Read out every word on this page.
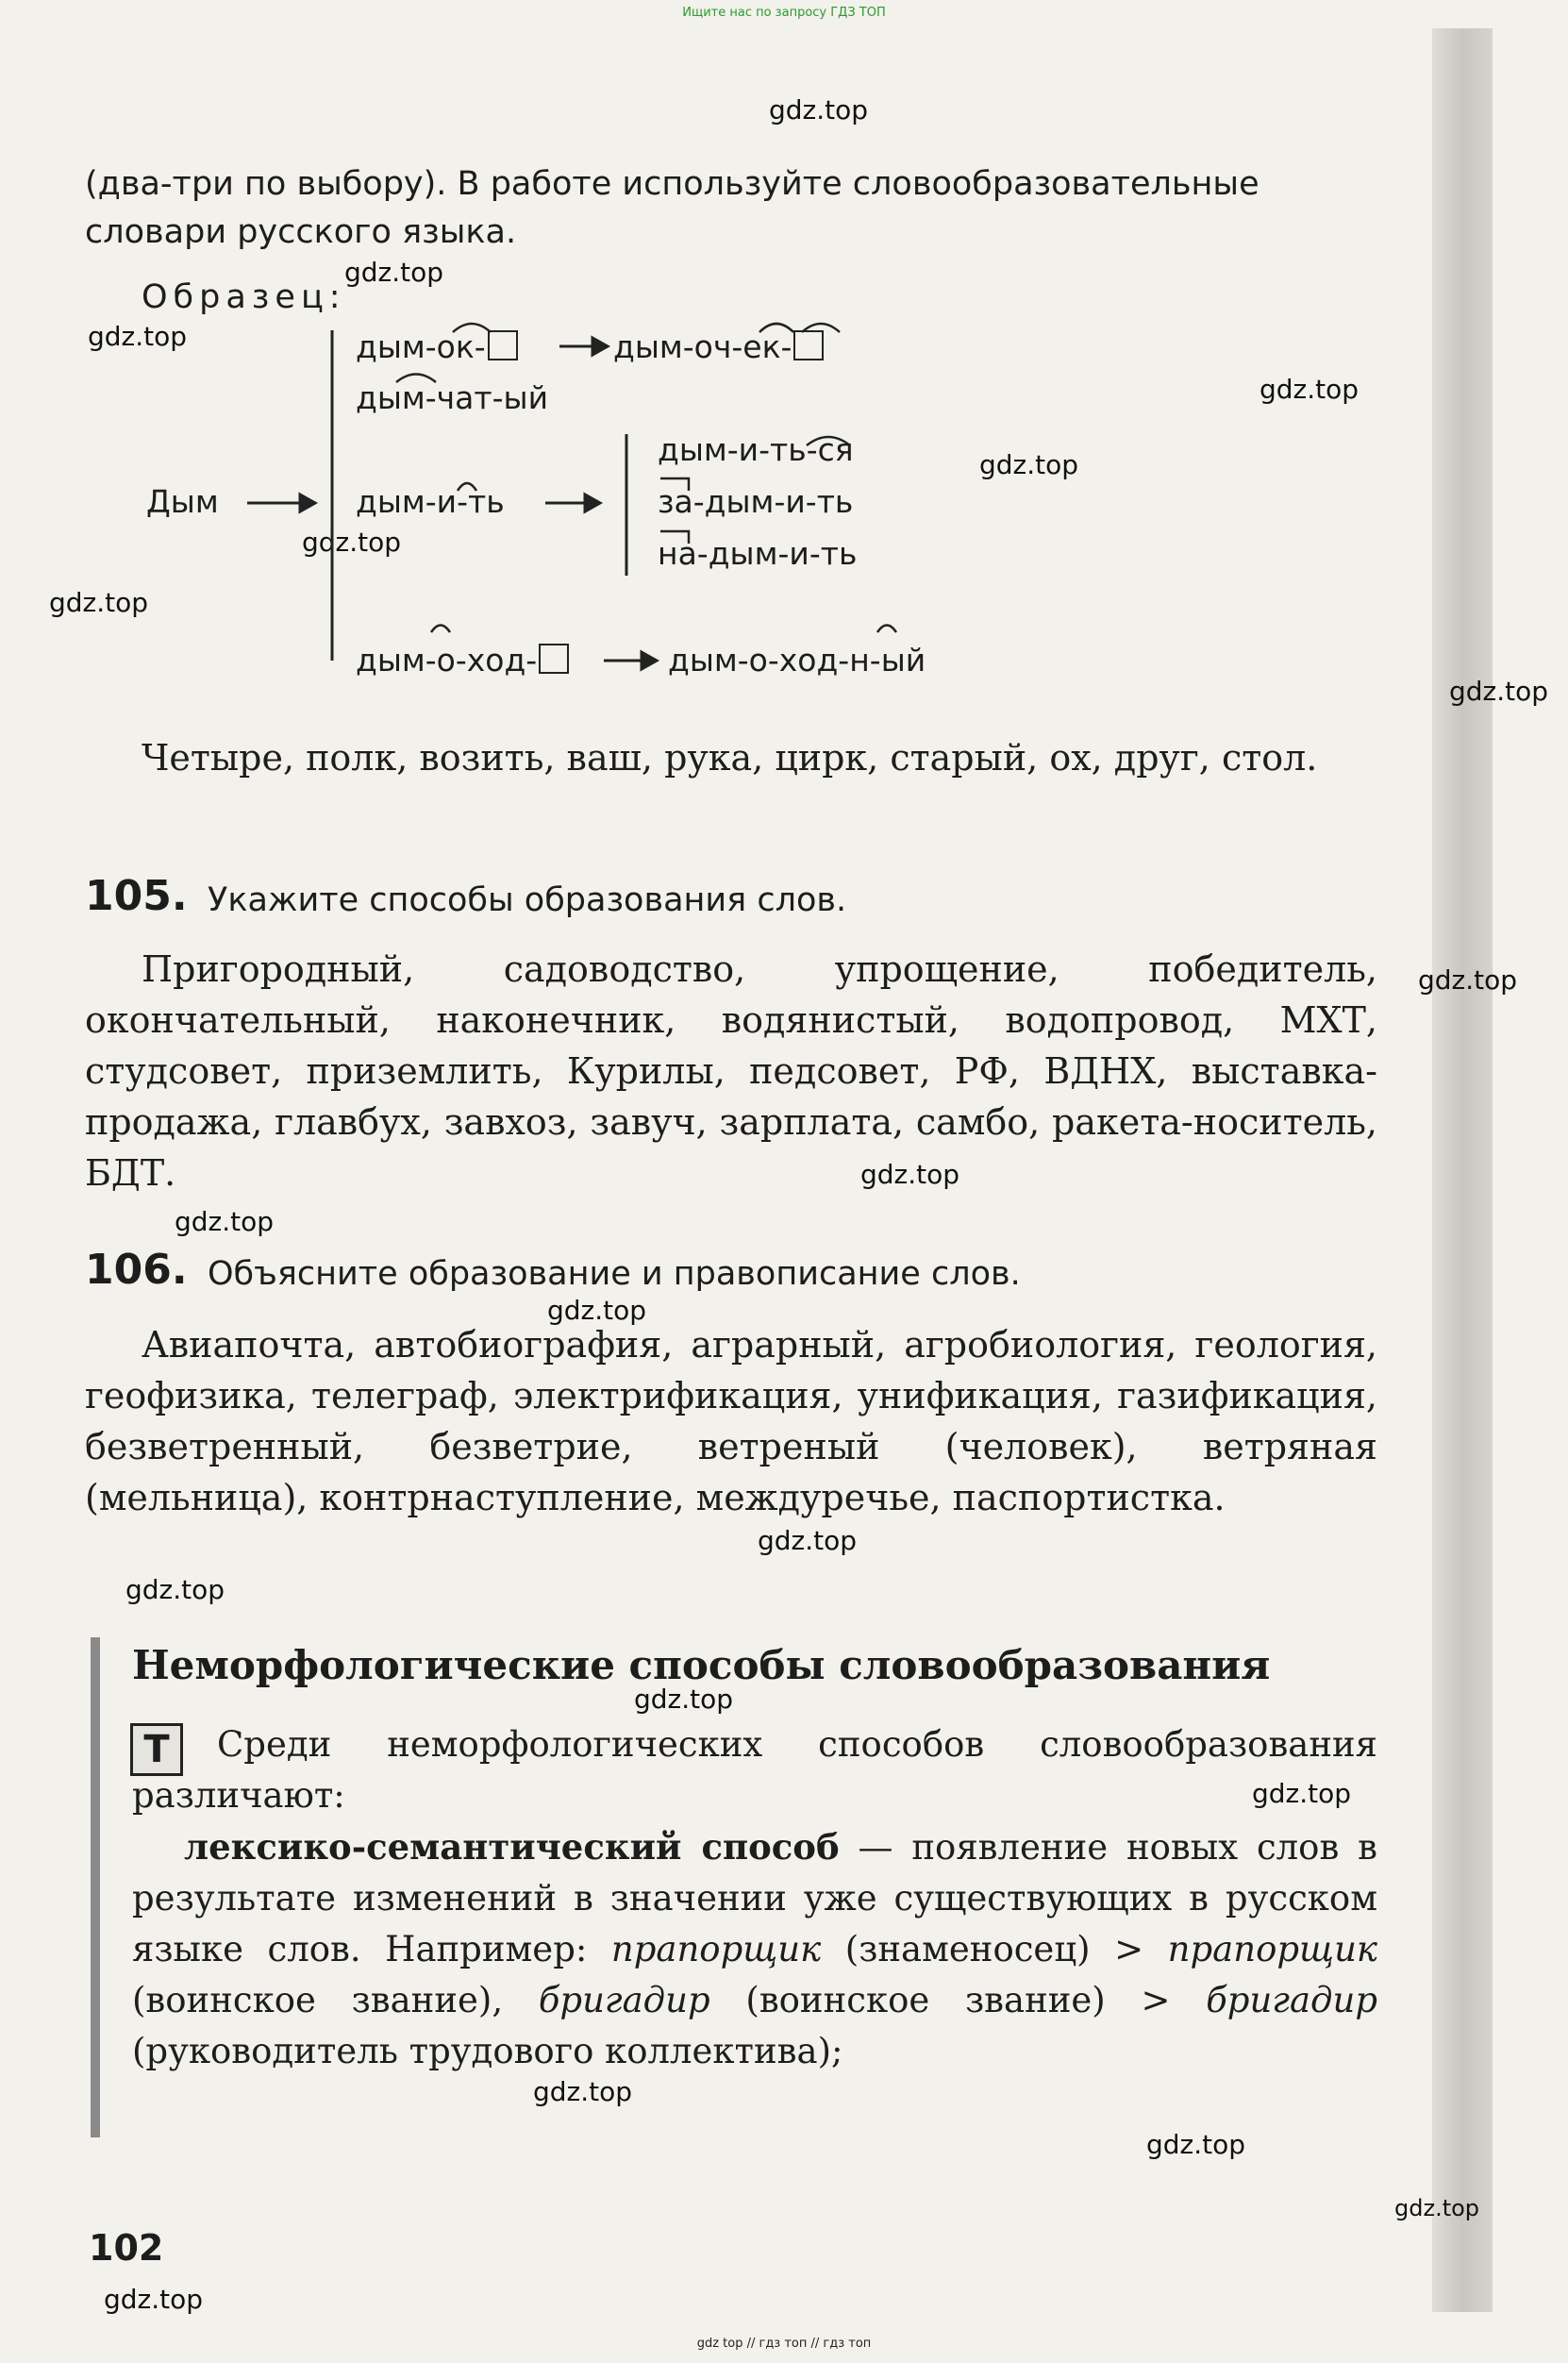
Ищите нас по запросу ГДЗ ТОП
gdz.top
gdz.top
gdz.top
gdz.top
gdz.top
gdz.top
gdz.top
gdz.top
gdz.top
gdz.top
gdz.top
gdz.top
gdz.top
gdz.top
gdz.top
gdz.top
gdz.top
gdz.top
gdz.top
gdz.top
(два-три по выбору). В работе используйте словообразовательные словари русского языка.
Образец:
Дым
дым-ок-	дым-оч-ек-
дым-чат-ый
дым-и-ть
дым-и-ть-ся
за-дым-и-ть
на-дым-и-ть
дым-о-ход-	дым-о-ход-н-ый

Четыре, полк, возить, ваш, рука, цирк, старый, ох, друг, стол.

105. Укажите способы образования слов.

Пригородный, садоводство, упрощение, победитель, окончательный, наконечник, водянистый, водопровод, МХТ, студсовет, приземлить, Курилы, педсовет, РФ, ВДНХ, выставка-продажа, главбух, завхоз, завуч, зарплата, самбо, ракета-носитель, БДТ.

106. Объясните образование и правописание слов.

Авиапочта, автобиография, аграрный, агробиология, геология, геофизика, телеграф, электрификация, унификация, газификация, безветренный, безветрие, ветреный (человек), ветряная (мельница), контрнаступление, междуречье, паспортистка.

Неморфологические способы словообразования
Т	Среди неморфологических способов словообразования различают:

лексико-семантический способ — появление новых слов в результате изменений в значении уже существующих в русском языке слов. Например: прапорщик (знаменосец) > прапорщик (воинское звание), бригадир (воинское звание) > бригадир (руководитель трудового коллектива);

102
gdz top // гдз топ // гдз топ
